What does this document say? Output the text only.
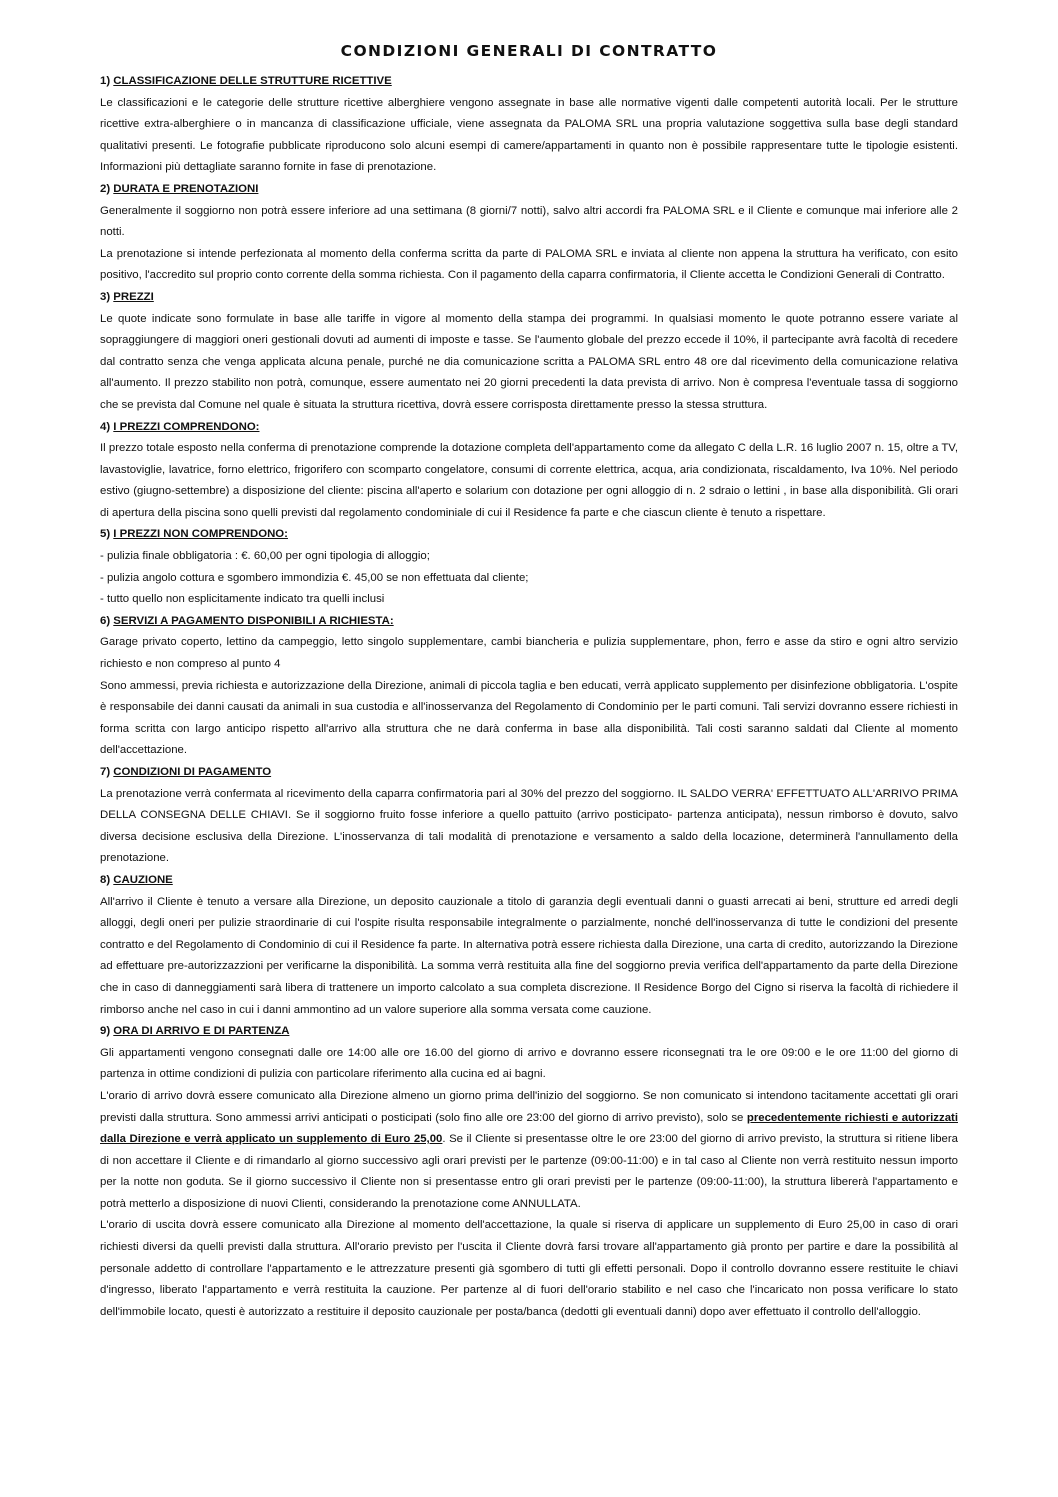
CONDIZIONI GENERALI DI CONTRATTO

1) CLASSIFICAZIONE DELLE STRUTTURE RICETTIVE

Le classificazioni e le categorie delle strutture ricettive alberghiere vengono assegnate in base alle normative vigenti dalle competenti autorità locali. Per le strutture ricettive extra-alberghiere o in mancanza di classificazione ufficiale, viene assegnata da PALOMA SRL una propria valutazione soggettiva sulla base degli standard qualitativi presenti. Le fotografie pubblicate riproducono solo alcuni esempi di camere/appartamenti in quanto non è possibile rappresentare tutte le tipologie esistenti. Informazioni più dettagliate saranno fornite in fase di prenotazione.

2) DURATA E PRENOTAZIONI

Generalmente il soggiorno non potrà essere inferiore ad una settimana (8 giorni/7 notti), salvo altri accordi fra PALOMA SRL e il Cliente e comunque mai inferiore alle 2 notti.

La prenotazione si intende perfezionata al momento della conferma scritta da parte di PALOMA SRL e inviata al cliente non appena la struttura ha verificato, con esito positivo, l'accredito sul proprio conto corrente della somma richiesta. Con il pagamento della caparra confirmatoria, il Cliente accetta le Condizioni Generali di Contratto.

3) PREZZI

Le quote indicate sono formulate in base alle tariffe in vigore al momento della stampa dei programmi. In qualsiasi momento le quote potranno essere variate al sopraggiungere di maggiori oneri gestionali dovuti ad aumenti di imposte e tasse. Se l'aumento globale del prezzo eccede il 10%, il partecipante avrà facoltà di recedere dal contratto senza che venga applicata alcuna penale, purché ne dia comunicazione scritta a PALOMA SRL entro 48 ore dal ricevimento della comunicazione relativa all'aumento. Il prezzo stabilito non potrà, comunque, essere aumentato nei 20 giorni precedenti la data prevista di arrivo. Non è compresa l'eventuale tassa di soggiorno che se prevista dal Comune nel quale è situata la struttura ricettiva, dovrà essere corrisposta direttamente presso la stessa struttura.

4) I PREZZI COMPRENDONO:

Il prezzo totale esposto nella conferma di prenotazione comprende la dotazione completa dell'appartamento come da allegato C della L.R. 16 luglio 2007 n. 15, oltre a TV, lavastoviglie, lavatrice, forno elettrico, frigorifero con scomparto congelatore, consumi di corrente elettrica, acqua, aria condizionata, riscaldamento, Iva 10%. Nel periodo estivo (giugno-settembre) a disposizione del cliente: piscina all'aperto e solarium con dotazione per ogni alloggio di n. 2 sdraio o lettini , in base alla disponibilità. Gli orari di apertura della piscina sono quelli previsti dal regolamento condominiale di cui il Residence fa parte e che ciascun cliente è tenuto a rispettare.

5) I PREZZI NON COMPRENDONO:

- pulizia finale obbligatoria : €. 60,00 per ogni tipologia di alloggio;

- pulizia angolo cottura e sgombero immondizia €. 45,00 se non effettuata dal cliente;

- tutto quello non esplicitamente indicato tra quelli inclusi

6) SERVIZI A PAGAMENTO DISPONIBILI A RICHIESTA:

Garage privato coperto, lettino da campeggio, letto singolo supplementare, cambi biancheria e pulizia supplementare, phon, ferro e asse da stiro e ogni altro servizio richiesto e non compreso al punto 4

Sono ammessi, previa richiesta e autorizzazione della Direzione, animali di piccola taglia e ben educati, verrà applicato supplemento per disinfezione obbligatoria. L'ospite è responsabile dei danni causati da animali in sua custodia e all'inosservanza del Regolamento di Condominio per le parti comuni. Tali servizi dovranno essere richiesti in forma scritta con largo anticipo rispetto all'arrivo alla struttura che ne darà conferma in base alla disponibilità. Tali costi saranno saldati dal Cliente al momento dell'accettazione.

7) CONDIZIONI DI PAGAMENTO

La prenotazione verrà confermata al ricevimento della caparra confirmatoria pari al 30% del prezzo del soggiorno. IL SALDO VERRA' EFFETTUATO ALL'ARRIVO PRIMA DELLA CONSEGNA DELLE CHIAVI. Se il soggiorno fruito fosse inferiore a quello pattuito (arrivo posticipato- partenza anticipata), nessun rimborso è dovuto, salvo diversa decisione esclusiva della Direzione. L'inosservanza di tali modalità di prenotazione e versamento a saldo della locazione, determinerà l'annullamento della prenotazione.

8) CAUZIONE

All'arrivo il Cliente è tenuto a versare alla Direzione, un deposito cauzionale a titolo di garanzia degli eventuali danni o guasti arrecati ai beni, strutture ed arredi degli alloggi, degli oneri per pulizie straordinarie di cui l'ospite risulta responsabile integralmente o parzialmente, nonché dell'inosservanza di tutte le condizioni del presente contratto e del Regolamento di Condominio di cui il Residence fa parte. In alternativa potrà essere richiesta dalla Direzione, una carta di credito, autorizzando la Direzione ad effettuare pre-autorizzazzioni per verificarne la disponibilità. La somma verrà restituita alla fine del soggiorno previa verifica dell'appartamento da parte della Direzione che in caso di danneggiamenti sarà libera di trattenere un importo calcolato a sua completa discrezione. Il Residence Borgo del Cigno si riserva la facoltà di richiedere il rimborso anche nel caso in cui i danni ammontino ad un valore superiore alla somma versata come cauzione.

9) ORA DI ARRIVO E DI PARTENZA

Gli appartamenti vengono consegnati dalle ore 14:00 alle ore 16.00 del giorno di arrivo e dovranno essere riconsegnati tra le ore 09:00 e le ore 11:00 del giorno di partenza in ottime condizioni di pulizia con particolare riferimento alla cucina ed ai bagni.

L'orario di arrivo dovrà essere comunicato alla Direzione almeno un giorno prima dell'inizio del soggiorno. Se non comunicato si intendono tacitamente accettati gli orari previsti dalla struttura. Sono ammessi arrivi anticipati o posticipati (solo fino alle ore 23:00 del giorno di arrivo previsto), solo se precedentemente richiesti e autorizzati dalla Direzione e verrà applicato un supplemento di Euro 25,00. Se il Cliente si presentasse oltre le ore 23:00 del giorno di arrivo previsto, la struttura si ritiene libera di non accettare il Cliente e di rimandarlo al giorno successivo agli orari previsti per le partenze (09:00-11:00) e in tal caso al Cliente non verrà restituito nessun importo per la notte non goduta. Se il giorno successivo il Cliente non si presentasse entro gli orari previsti per le partenze (09:00-11:00), la struttura libererà l'appartamento e potrà metterlo a disposizione di nuovi Clienti, considerando la prenotazione come ANNULLATA.

L'orario di uscita dovrà essere comunicato alla Direzione al momento dell'accettazione, la quale si riserva di applicare un supplemento di Euro 25,00 in caso di orari richiesti diversi da quelli previsti dalla struttura. All'orario previsto per l'uscita il Cliente dovrà farsi trovare all'appartamento già pronto per partire e dare la possibilità al personale addetto di controllare l'appartamento e le attrezzature presenti già sgombero di tutti gli effetti personali. Dopo il controllo dovranno essere restituite le chiavi d'ingresso, liberato l'appartamento e verrà restituita la cauzione. Per partenze al di fuori dell'orario stabilito e nel caso che l'incaricato non possa verificare lo stato dell'immobile locato, questi è autorizzato a restituire il deposito cauzionale per posta/banca (dedotti gli eventuali danni) dopo aver effettuato il controllo dell'alloggio.
